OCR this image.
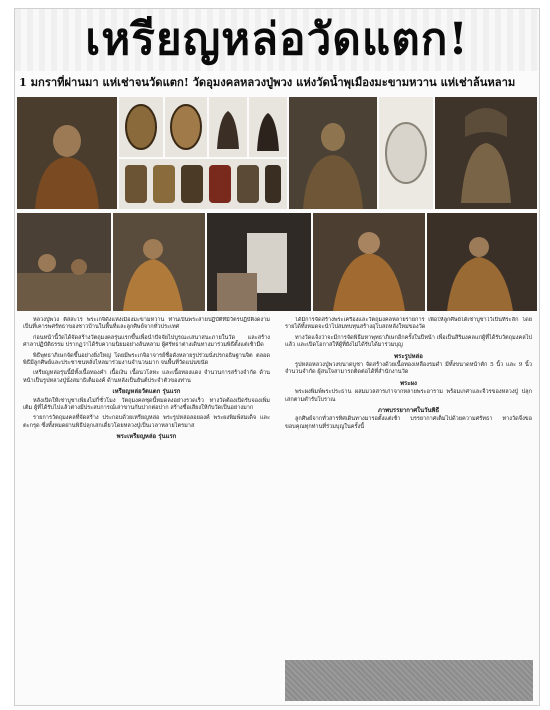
เหรียญหล่อวัดแตก!
1 มกราที่ผ่านมา แห่เช่าจนวัดแตก! วัดอุมงคลหลวงปู่พวง แห่งวัดน้ำพุเมืองมะขามหวาน แห่เช่าล้นหลาม

หลวงปู่พวง ติสสะโร พระเกจิดังแห่งเมืองมะขามหวาน ท่านเป็นพระสายปฏิบัติที่มีวัตรปฏิบัติงดงาม เป็นที่เคารพศรัทธาของชาวบ้านในพื้นที่และลูกศิษย์จากทั่วประเทศ

ก่อนหน้านี้วัดได้จัดสร้างวัตถุมงคลรุ่นแรกขึ้นเพื่อนำปัจจัยไปบูรณะเสนาสนะภายในวัด และสร้างศาลาปฏิบัติธรรม ปรากฏว่าได้รับความนิยมอย่างล้นหลาม ผู้ศรัทธาต่างเดินทางมาร่วมพิธีตั้งแต่เช้ามืด

พิธีพุทธาภิเษกจัดขึ้นอย่างยิ่งใหญ่ โดยมีพระเกจิอาจารย์ชื่อดังหลายรูปร่วมนั่งปรกอธิษฐานจิต ตลอดพิธีมีลูกศิษย์และประชาชนหลั่งไหลมาร่วมงานจำนวนมาก จนพื้นที่วัดแน่นขนัด

เหรียญหล่อรุ่นนี้มีทั้งเนื้อทองคำ เนื้อเงิน เนื้อนวโลหะ และเนื้อทองแดง จำนวนการสร้างจำกัด ด้านหน้าเป็นรูปหลวงปู่นั่งสมาธิเต็มองค์ ด้านหลังเป็นยันต์ประจำตัวของท่าน

เหรียญหล่อวัดแตก รุ่นแรก

หลังเปิดให้เช่าบูชาเพียงไม่กี่ชั่วโมง วัตถุมงคลชุดนี้หมดลงอย่างรวดเร็ว ทางวัดต้องเปิดรับจองเพิ่มเติม ผู้ที่ได้รับไปแล้วต่างมีประสบการณ์เล่าขานกันปากต่อปาก สร้างชื่อเสียงให้กับวัดเป็นอย่างมาก

รายการวัตถุมงคลที่จัดสร้าง ประกอบด้วยเหรียญหล่อ พระรูปหล่อลอยองค์ พระผงพิมพ์สมเด็จ และตะกรุด ซึ่งทั้งหมดผ่านพิธีปลุกเสกเดี่ยวโดยหลวงปู่เป็นเวลาหลายไตรมาส

พระเหรียญหล่อ รุ่นแรก

ได้มีการจัดสร้างพระเครื่องและวัตถุมงคลหลายรายการ เพื่อให้ลูกศิษย์ได้เช่าบูชาไว้เป็นที่ระลึก โดยรายได้ทั้งหมดจะนำไปสมทบทุนสร้างอุโบสถหลังใหม่ของวัด

ทางวัดแจ้งว่าจะมีการจัดพิธีมหาพุทธาภิเษกอีกครั้งในปีหน้า เพื่อเป็นสิริมงคลแก่ผู้ที่ได้รับวัตถุมงคลไปแล้ว และเปิดโอกาสให้ผู้ที่ยังไม่ได้รับได้มาร่วมบุญ

พระรูปหล่อ

รูปหล่อหลวงปู่พวงขนาดบูชา จัดสร้างด้วยเนื้อทองเหลืองรมดำ มีทั้งขนาดหน้าตัก 5 นิ้ว และ 9 นิ้ว จำนวนจำกัด ผู้สนใจสามารถติดต่อได้ที่สำนักงานวัด

พระผง

พระผงพิมพ์พระประธาน ผสมมวลสารเก่าจากหลายพระอาราม พร้อมเกศาและจีวรของหลวงปู่ ปลุกเสกตามตำรับโบราณ

ภาพบรรยากาศในวันพิธี

ลูกศิษย์จากทั่วสารทิศเดินทางมารอตั้งแต่เช้า บรรยากาศเต็มไปด้วยความศรัทธา ทางวัดจึงขอขอบคุณทุกท่านที่ร่วมบุญในครั้งนี้
